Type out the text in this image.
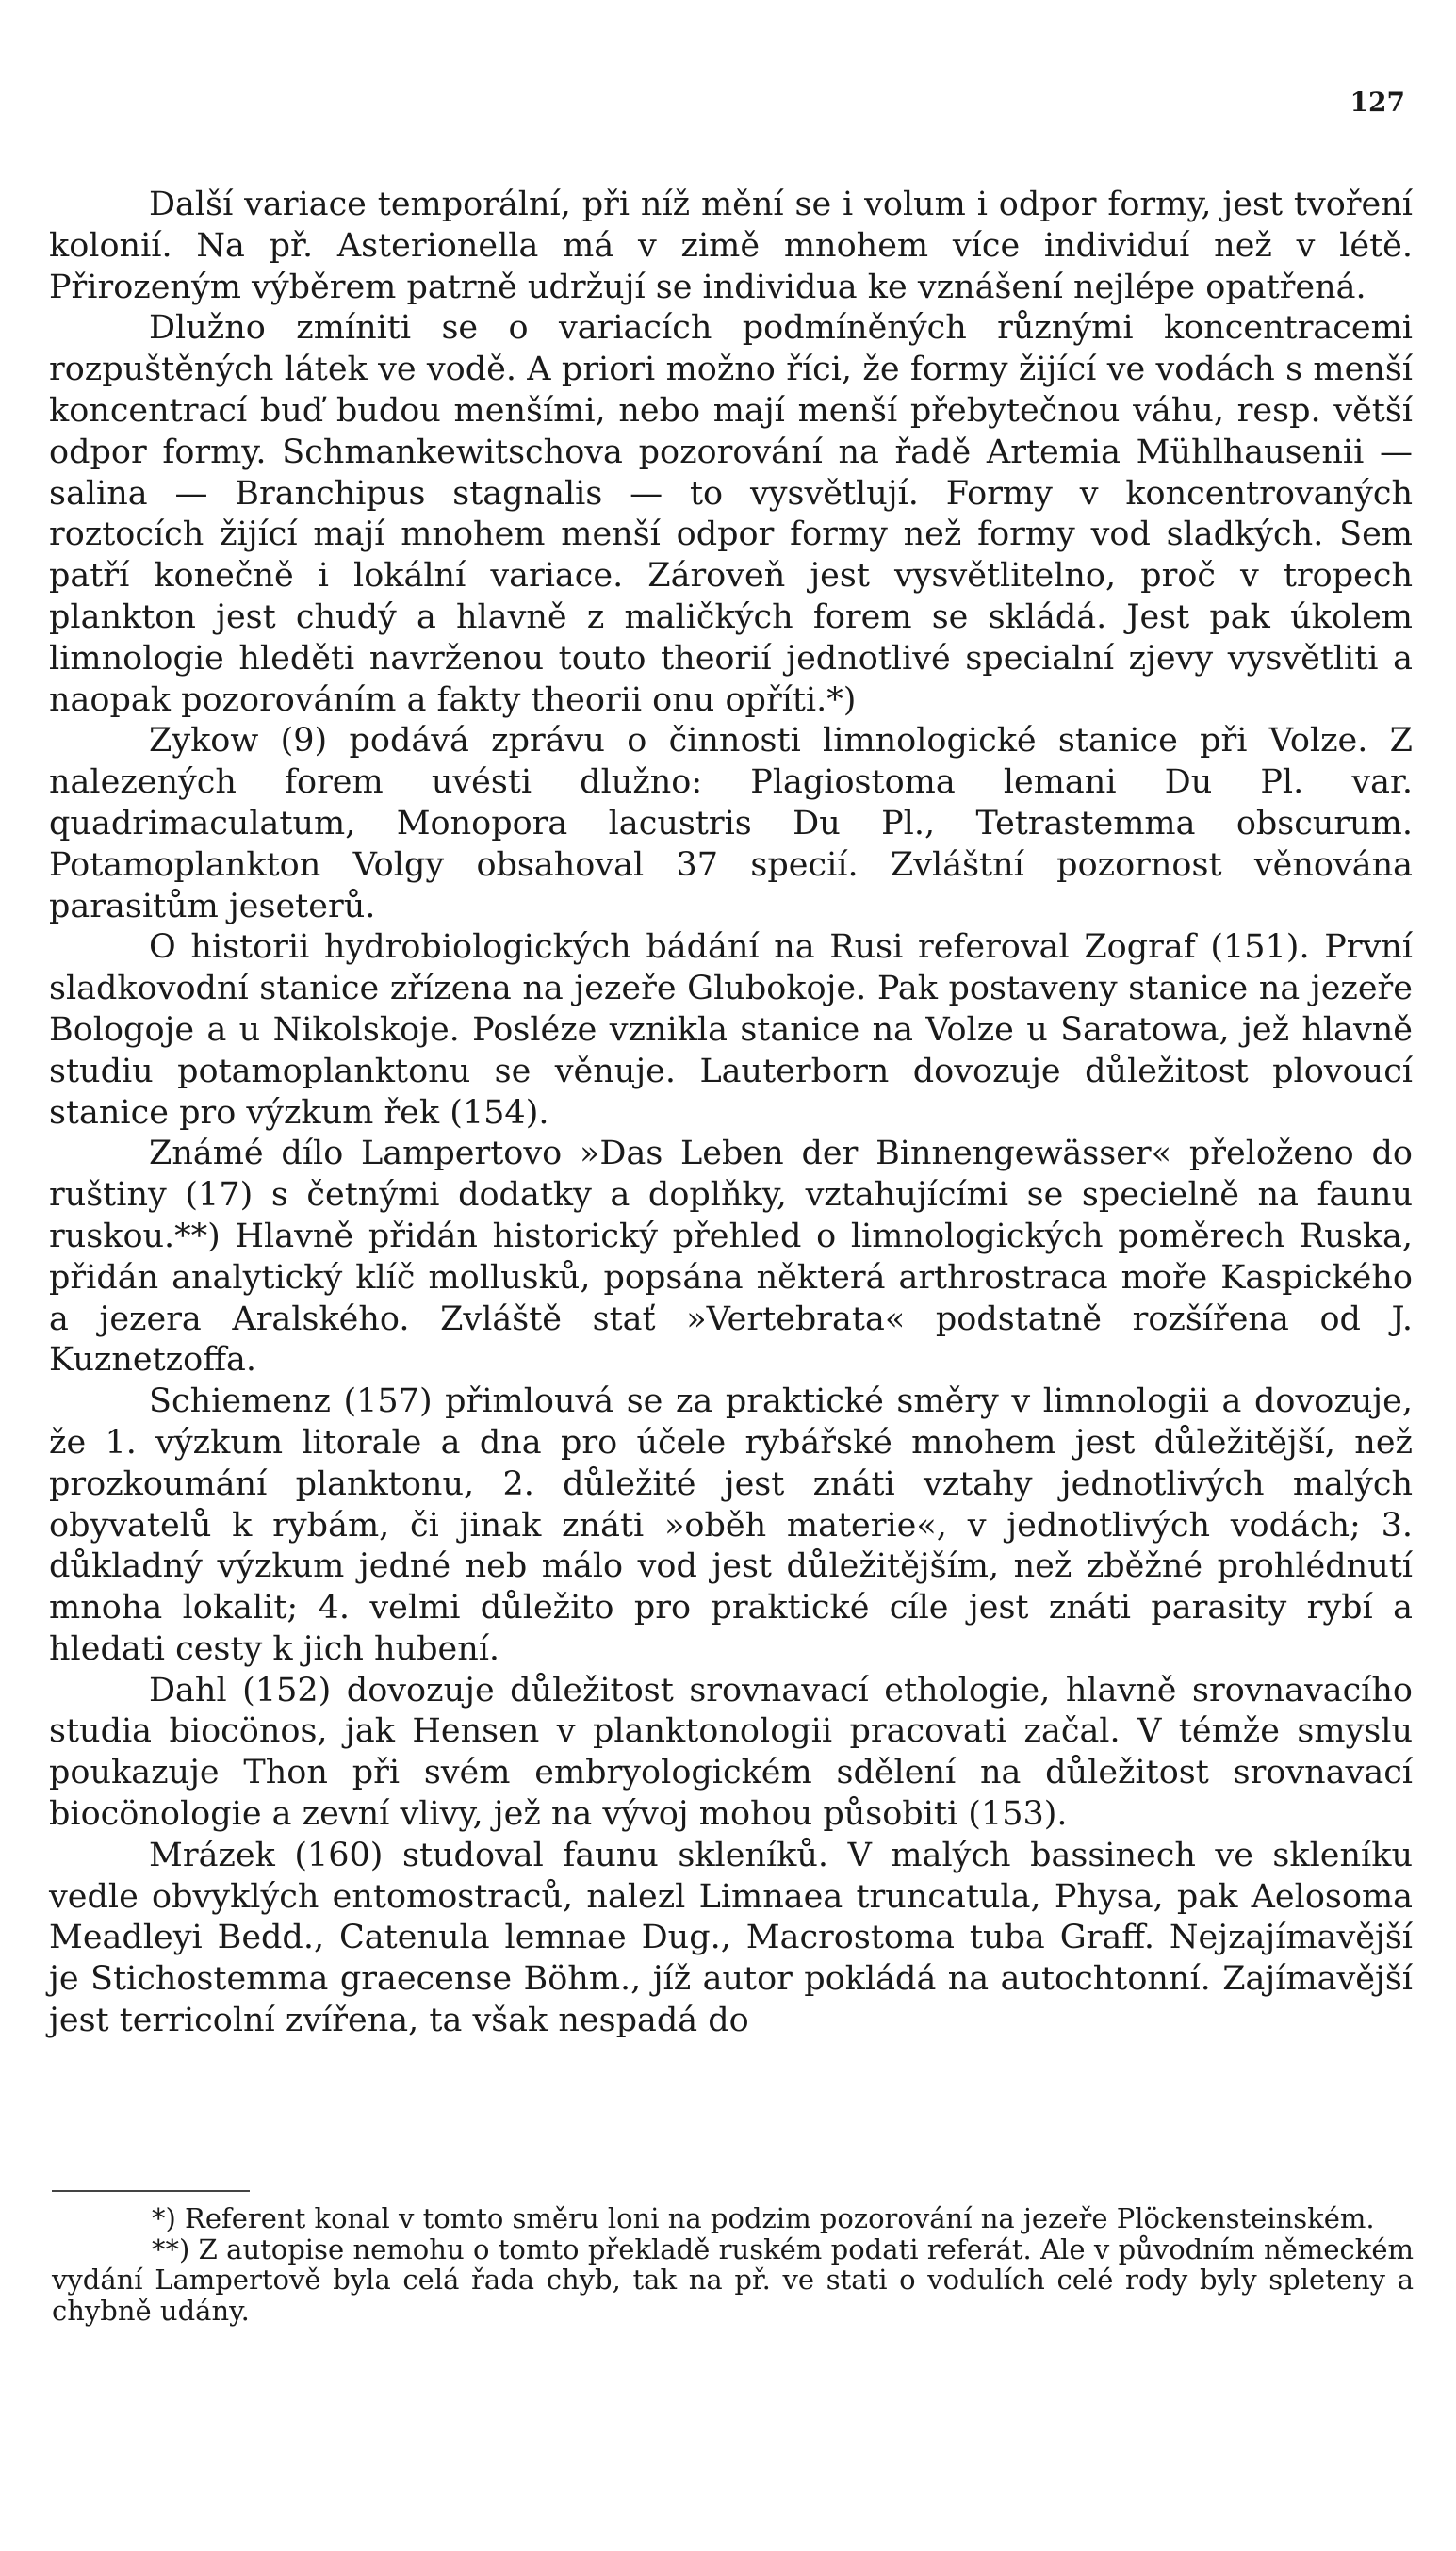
127

Další variace temporální, při níž mění se i volum i odpor formy, jest tvoření kolonií. Na př. Asterionella má v zimě mnohem více individuí než v létě. Přirozeným výběrem patrně udržují se individua ke vznášení nejlépe opatřená.

Dlužno zmíniti se o variacích podmíněných různými koncentracemi rozpuštěných látek ve vodě. A priori možno říci, že formy žijící ve vodách s menší koncentrací buď budou menšími, nebo mají menší přebytečnou váhu, resp. větší odpor formy. Schmankewitschova pozorování na řadě Artemia Mühlhausenii — salina — Branchipus stagnalis — to vysvětlují. Formy v koncentrovaných roztocích žijící mají mnohem menší odpor formy než formy vod sladkých. Sem patří konečně i lokální variace. Zároveň jest vysvětlitelno, proč v tropech plankton jest chudý a hlavně z maličkých forem se skládá. Jest pak úkolem limnologie hleděti navrženou touto theorií jednotlivé specialní zjevy vysvětliti a naopak pozorováním a fakty theorii onu opříti.*)

Zykow (9) podává zprávu o činnosti limnologické stanice při Volze. Z nalezených forem uvésti dlužno: Plagiostoma lemani Du Pl. var. quadrimaculatum, Monopora lacustris Du Pl., Tetrastemma obscurum. Potamoplankton Volgy obsahoval 37 specií. Zvláštní pozornost věnována parasitům jeseterů.

O historii hydrobiologických bádání na Rusi referoval Zograf (151). První sladkovodní stanice zřízena na jezeře Glubokoje. Pak postaveny stanice na jezeře Bologoje a u Nikolskoje. Posléze vznikla stanice na Volze u Saratowa, jež hlavně studiu potamoplanktonu se věnuje. Lauterborn dovozuje důležitost plovoucí stanice pro výzkum řek (154).

Známé dílo Lampertovo »Das Leben der Binnengewässer« přeloženo do ruštiny (17) s četnými dodatky a doplňky, vztahujícími se specielně na faunu ruskou.**) Hlavně přidán historický přehled o limnologických poměrech Ruska, přidán analytický klíč mollusků, popsána některá arthrostraca moře Kaspického a jezera Aralského. Zvláště stať »Vertebrata« podstatně rozšířena od J. Kuznetzoffa.

Schiemenz (157) přimlouvá se za praktické směry v limnologii a dovozuje, že 1. výzkum litorale a dna pro účele rybářské mnohem jest důležitější, než prozkoumání planktonu, 2. důležité jest znáti vztahy jednotlivých malých obyvatelů k rybám, či jinak znáti »oběh materie«, v jednotlivých vodách; 3. důkladný výzkum jedné neb málo vod jest důležitějším, než zběžné prohlédnutí mnoha lokalit; 4. velmi důležito pro praktické cíle jest znáti parasity rybí a hledati cesty k jich hubení.

Dahl (152) dovozuje důležitost srovnavací ethologie, hlavně srovnavacího studia biocönos, jak Hensen v planktonologii pracovati začal. V témže smyslu poukazuje Thon při svém embryologickém sdělení na důležitost srovnavací biocönologie a zevní vlivy, jež na vývoj mohou působiti (153).

Mrázek (160) studoval faunu skleníků. V malých bassinech ve skleníku vedle obvyklých entomostraců, nalezl Limnaea truncatula, Physa, pak Aelosoma Meadleyi Bedd., Catenula lemnae Dug., Macrostoma tuba Graff. Nejzajímavější je Stichostemma graecense Böhm., jíž autor pokládá na autochtonní. Zajímavější jest terricolní zvířena, ta však nespadá do

*) Referent konal v tomto směru loni na podzim pozorování na jezeře Plöckensteinském.

**) Z autopise nemohu o tomto překladě ruském podati referát. Ale v původním německém vydání Lampertově byla celá řada chyb, tak na př. ve stati o vodulích celé rody byly spleteny a chybně udány.
